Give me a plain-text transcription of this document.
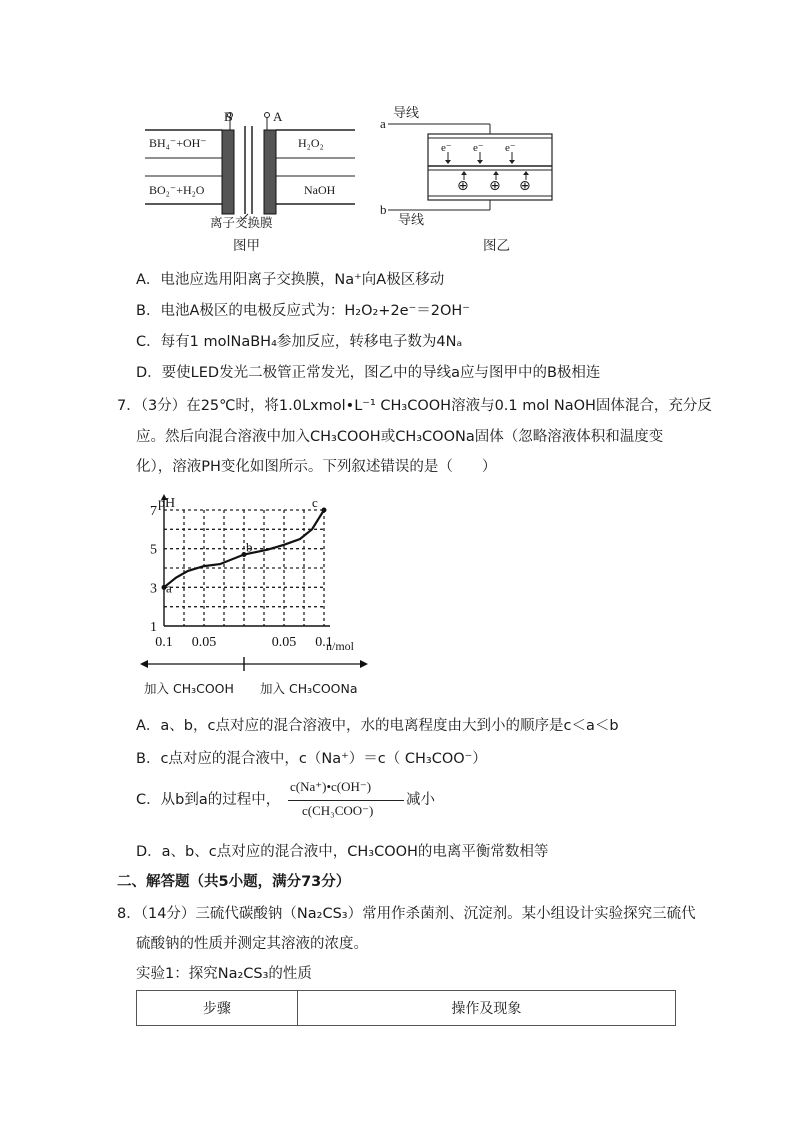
B	A
BH₄⁻+OH⁻
BO₂⁻+H₂O
H₂O₂
NaOH
离子交换膜
图甲
a
导线
b
导线
e⁻ e⁻ e⁻
⊕ ⊕ ⊕
图乙
A．电池应选用阳离子交换膜，Na⁺向A极区移动
B．电池A极区的电极反应式为：H₂O₂+2e⁻＝2OH⁻
C．每有1 molNaBH₄参加反应，转移电子数为4Nₐ
D．要使LED发光二极管正常发光，图乙中的导线a应与图甲中的B极相连
7．（3分）在25℃时，将1.0Lxmol•L⁻¹ CH₃COOH溶液与0.1 mol NaOH固体混合，充分反
应。然后向混合溶液中加入CH₃COOH或CH₃COONa固体（忽略溶液体积和温度变
化），溶液PH变化如图所示。下列叙述错误的是（　　）
a
b
c
7
5
3
1
0.1 0.05	0.05 0.1
pH
n/mol
加入 CH₃COOH 加入 CH₃COONa
A．a、b，c点对应的混合溶液中，水的电离程度由大到小的顺序是c＜a＜b
B．c点对应的混合液中，c（Na⁺）＝c（ CH₃COO⁻）
C．从b到a的过程中，
c(Na⁺)•c(OH⁻)
c(CH₃COO⁻)
减小
D．a、b、c点对应的混合液中，CH₃COOH的电离平衡常数相等
二、解答题（共5小题，满分73分）
8．（14分）三硫代碳酸钠（Na₂CS₃）常用作杀菌剂、沉淀剂。某小组设计实验探究三硫代
硫酸钠的性质并测定其溶液的浓度。
实验1：探究Na₂CS₃的性质
步骤	操作及现象
